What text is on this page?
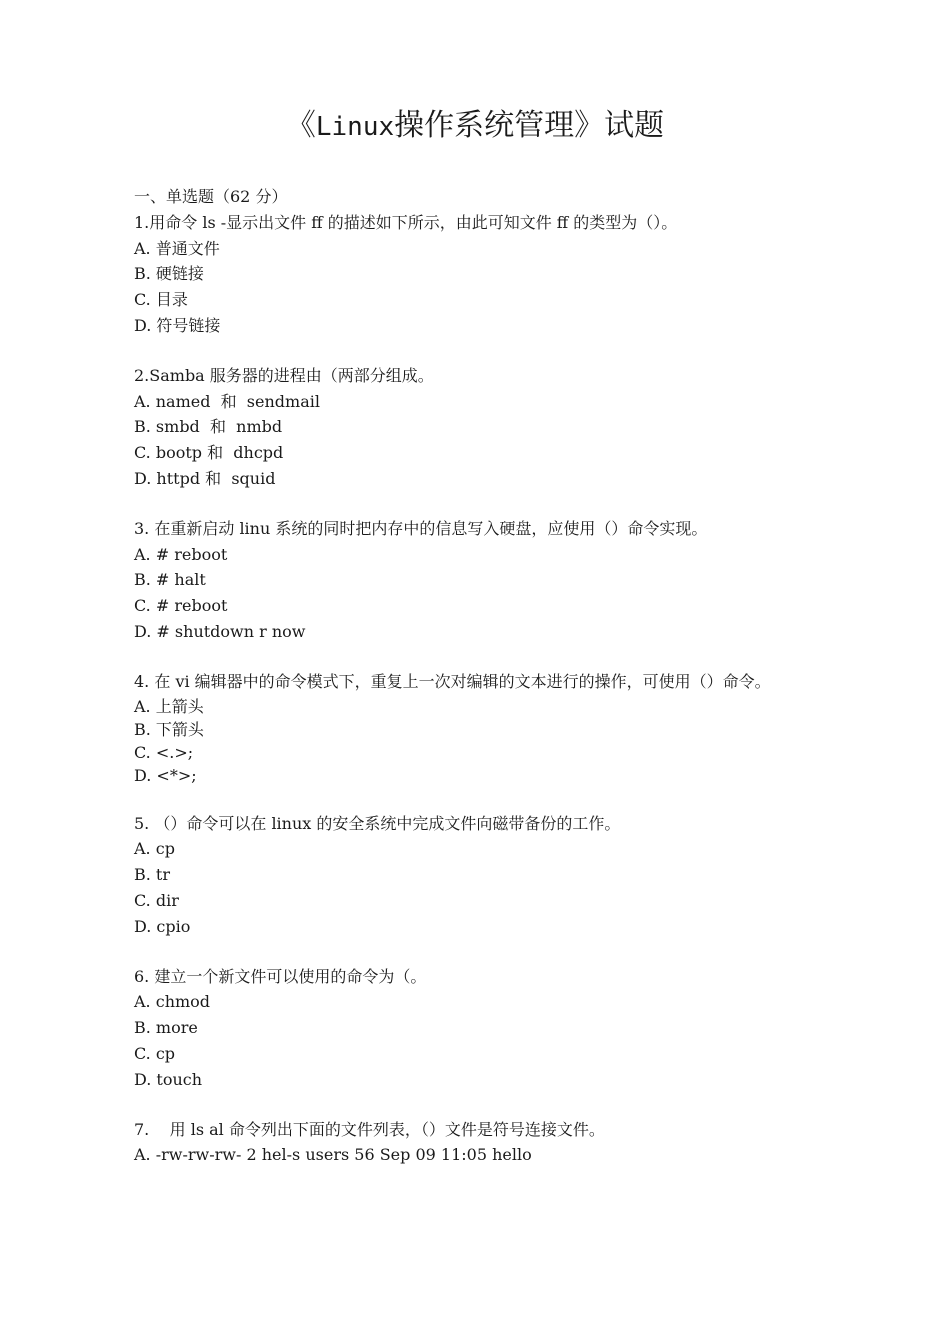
《Linux操作系统管理》试题

一、单选题（62 分）

1.用命令 ls -显示出文件 ff 的描述如下所示，由此可知文件 ff 的类型为（）。

A. 普通文件
B. 硬链接
C. 目录
D. 符号链接

2.Samba 服务器的进程由（两部分组成。

A. named  和  sendmail
B. smbd  和  nmbd
C. bootp 和  dhcpd
D. httpd 和  squid

3. 在重新启动 linu 系统的同时把内存中的信息写入硬盘，应使用（）命令实现。

A. # reboot
B. # halt
C. # reboot
D. # shutdown r now

4. 在 vi 编辑器中的命令模式下，重复上一次对编辑的文本进行的操作，可使用（）命令。

A. 上箭头
B. 下箭头
C. <.>;
D. <*>;

5. （）命令可以在 linux 的安全系统中完成文件向磁带备份的工作。

A. cp
B. tr
C. dir
D. cpio

6. 建立一个新文件可以使用的命令为（。

A. chmod
B. more
C. cp
D. touch

7.    用 ls al 命令列出下面的文件列表，（）文件是符号连接文件。

A. -rw-rw-rw- 2 hel-s users 56 Sep 09 11:05 hello
